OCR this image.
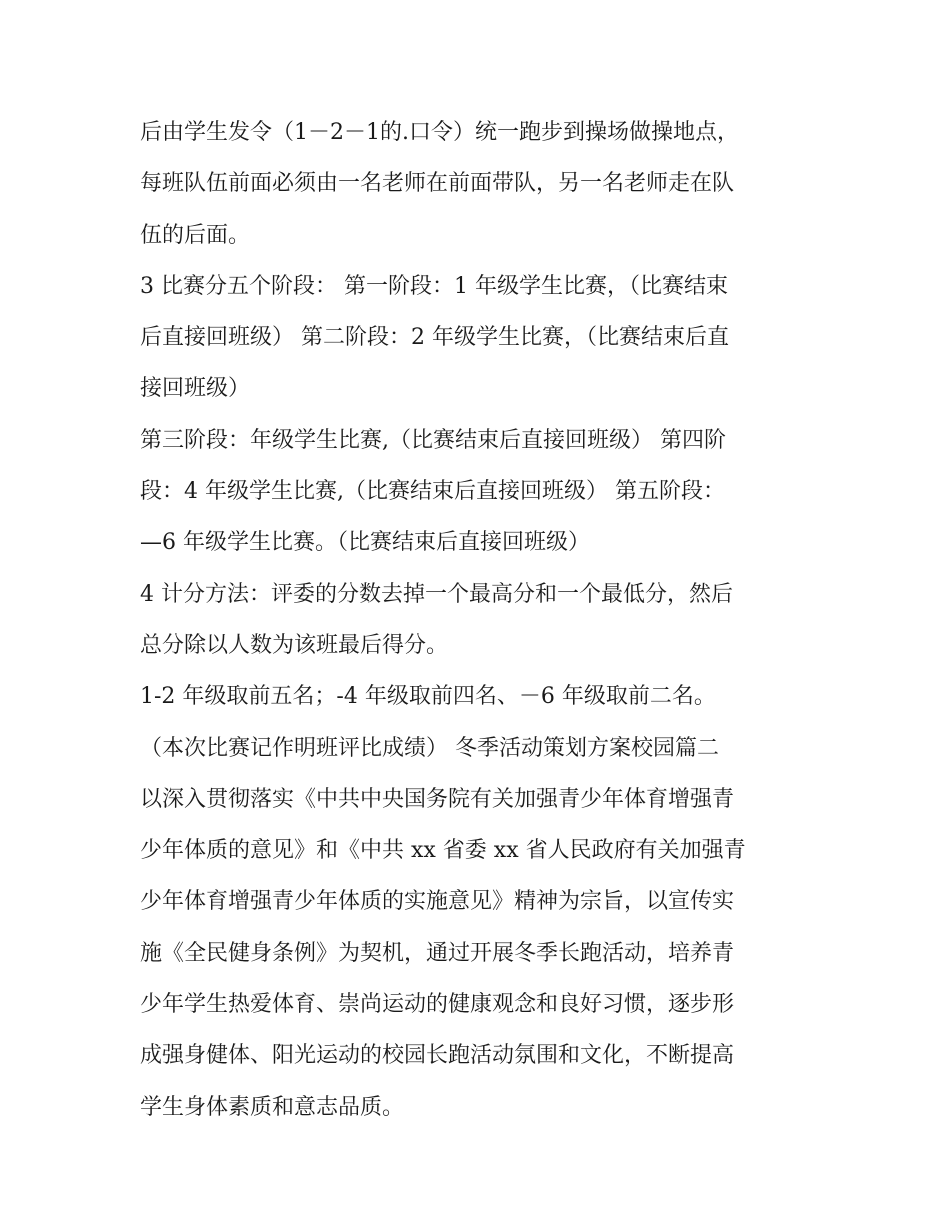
后由学生发令（1－2－1的.口令）统一跑步到操场做操地点，
每班队伍前面必须由一名老师在前面带队，另一名老师走在队
伍的后面。
3 比赛分五个阶段： 第一阶段：1 年级学生比赛，（比赛结束
后直接回班级） 第二阶段：2 年级学生比赛，（比赛结束后直
接回班级）
第三阶段：年级学生比赛,（比赛结束后直接回班级） 第四阶
段：4 年级学生比赛,（比赛结束后直接回班级） 第五阶段：
—6 年级学生比赛。（比赛结束后直接回班级）
4 计分方法：评委的分数去掉一个最高分和一个最低分，然后
总分除以人数为该班最后得分。
1-2 年级取前五名；-4 年级取前四名、－6 年级取前二名。
（本次比赛记作明班评比成绩） 冬季活动策划方案校园篇二
以深入贯彻落实《中共中央国务院有关加强青少年体育增强青
少年体质的意见》和《中共 xx 省委 xx 省人民政府有关加强青
少年体育增强青少年体质的实施意见》精神为宗旨，以宣传实
施《全民健身条例》为契机，通过开展冬季长跑活动，培养青
少年学生热爱体育、崇尚运动的健康观念和良好习惯，逐步形
成强身健体、阳光运动的校园长跑活动氛围和文化，不断提高
学生身体素质和意志品质。
